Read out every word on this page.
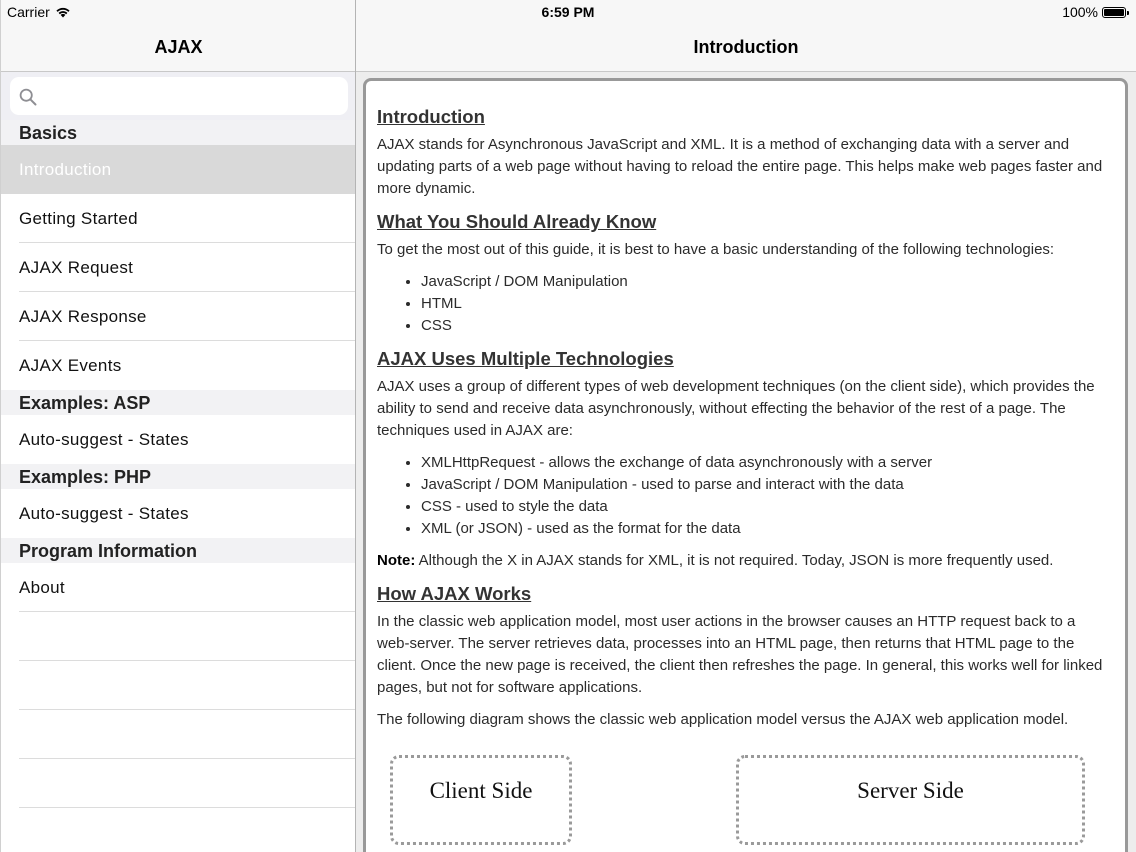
Carrier	6:59 PM	100%
AJAX
Basics
Introduction
Getting Started
AJAX Request
AJAX Response
AJAX Events
Examples: ASP
Auto-suggest - States
Examples: PHP
Auto-suggest - States
Program Information
About
Introduction
Introduction

AJAX stands for Asynchronous JavaScript and XML. It is a method of exchanging data with a server and updating parts of a web page without having to reload the entire page. This helps make web pages faster and more dynamic.

What You Should Already Know

To get the most out of this guide, it is best to have a basic understanding of the following technologies:

• JavaScript / DOM Manipulation
• HTML
• CSS
AJAX Uses Multiple Technologies

AJAX uses a group of different types of web development techniques (on the client side), which provides the ability to send and receive data asynchronously, without effecting the behavior of the rest of a page. The techniques used in AJAX are:

• XMLHttpRequest - allows the exchange of data asynchronously with a server
• JavaScript / DOM Manipulation - used to parse and interact with the data
• CSS - used to style the data
• XML (or JSON) - used as the format for the data

Note: Although the X in AJAX stands for XML, it is not required. Today, JSON is more frequently used.

How AJAX Works

In the classic web application model, most user actions in the browser causes an HTTP request back to a web-server. The server retrieves data, processes into an HTML page, then returns that HTML page to the client. Once the new page is received, the client then refreshes the page. In general, this works well for linked pages, but not for software applications.

The following diagram shows the classic web application model versus the AJAX web application model.

Client Side	Server Side
